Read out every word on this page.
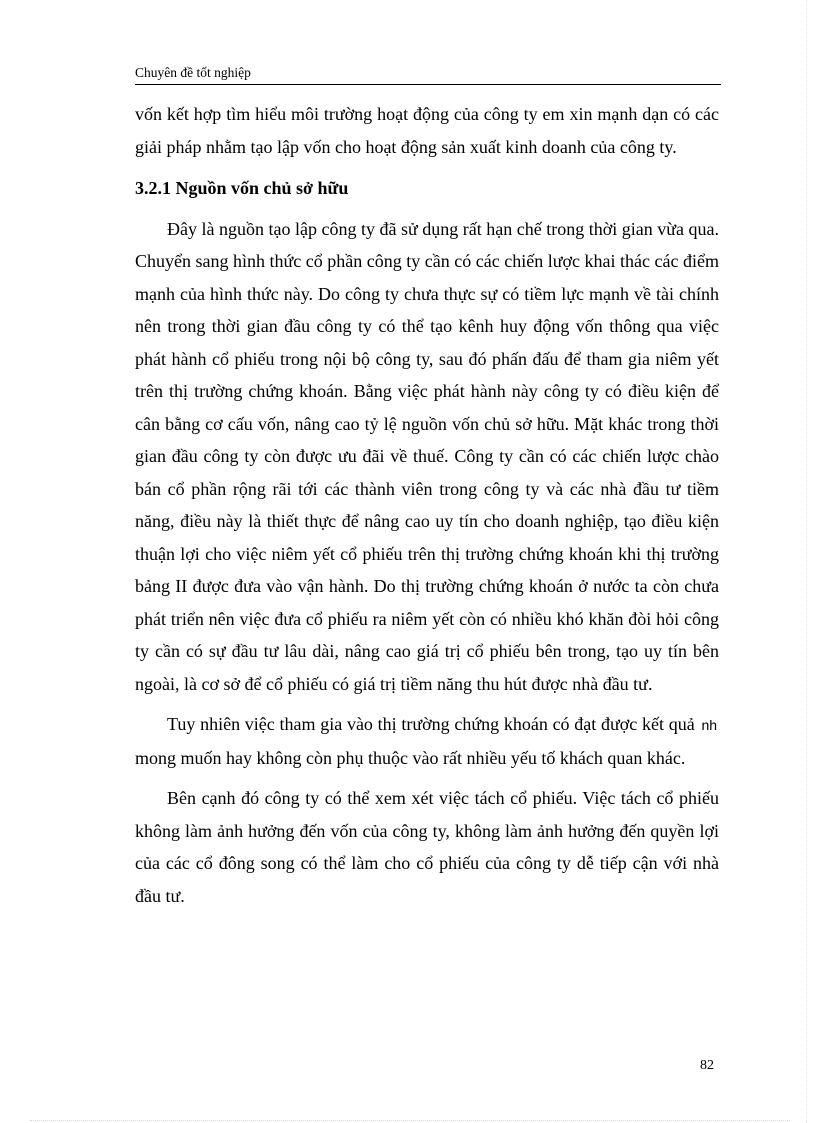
Chuyên đề tốt nghiệp

vốn kết hợp tìm hiểu môi trường hoạt động của công ty em xin mạnh dạn có các giải pháp nhằm tạo lập vốn cho hoạt động sản xuất kinh doanh của công ty.

3.2.1 Nguồn vốn chủ sở hữu

Đây là nguồn tạo lập công ty đã sử dụng rất hạn chế trong thời gian vừa qua. Chuyển sang hình thức cổ phần công ty cần có các chiến lược khai thác các điểm mạnh của hình thức này. Do công ty chưa thực sự có tiềm lực mạnh về tài chính nên trong thời gian đầu công ty có thể tạo kênh huy động vốn thông qua việc phát hành cổ phiếu trong nội bộ công ty, sau đó phấn đấu để tham gia niêm yết trên thị trường chứng khoán. Bằng việc phát hành này công ty có điều kiện để cân bằng cơ cấu vốn, nâng cao tỷ lệ nguồn vốn chủ sở hữu. Mặt khác trong thời gian đầu công ty còn được ưu đãi về thuế. Công ty cần có các chiến lược chào bán cổ phần rộng rãi tới các thành viên trong công ty và các nhà đầu tư tiềm năng, điều này là thiết thực để nâng cao uy tín cho doanh nghiệp, tạo điều kiện thuận lợi cho việc niêm yết cổ phiếu trên thị trường chứng khoán khi thị trường bảng II được đưa vào vận hành. Do thị trường chứng khoán ở nước ta còn chưa phát triển nên việc đưa cổ phiếu ra niêm yết còn có nhiều khó khăn đòi hỏi công ty cần có sự đầu tư lâu dài, nâng cao giá trị cổ phiếu bên trong, tạo uy tín bên ngoài, là cơ sở để cổ phiếu có giá trị tiềm năng thu hút được nhà đầu tư.

Tuy nhiên việc tham gia vào thị trường chứng khoán có đạt được kết quả nh mong muốn hay không còn phụ thuộc vào rất nhiều yếu tố khách quan khác.

Bên cạnh đó công ty có thể xem xét việc tách cổ phiếu. Việc tách cổ phiếu không làm ảnh hưởng đến vốn của công ty, không làm ảnh hưởng đến quyền lợi của các cổ đông song có thể làm cho cổ phiếu của công ty dễ tiếp cận với nhà đầu tư.

82
